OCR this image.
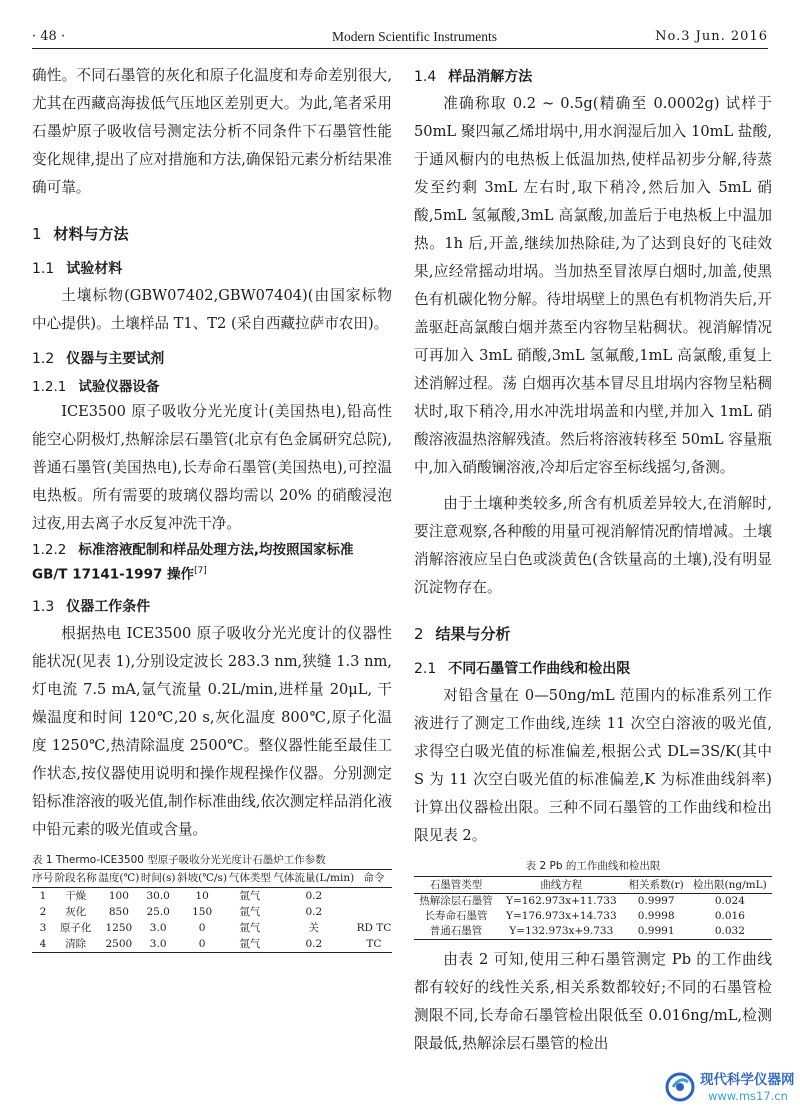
· 48 ·	Modern Scientific Instruments	No.3 Jun. 2016

确性。不同石墨管的灰化和原子化温度和寿命差别很大,尤其在西藏高海拔低气压地区差别更大。为此,笔者采用石墨炉原子吸收信号测定法分析不同条件下石墨管性能变化规律,提出了应对措施和方法,确保铅元素分析结果准确可靠。

1 材料与方法

1.1 试验材料

土壤标物(GBW07402,GBW07404)(由国家标物中心提供)。土壤样品 T1、T2 (采自西藏拉萨市农田)。

1.2 仪器与主要试剂

1.2.1 试验仪器设备

ICE3500 原子吸收分光光度计(美国热电),铅高性能空心阴极灯,热解涂层石墨管(北京有色金属研究总院),普通石墨管(美国热电),长寿命石墨管(美国热电),可控温电热板。所有需要的玻璃仪器均需以 20% 的硝酸浸泡过夜,用去离子水反复冲洗干净。

1.2.2 标准溶液配制和样品处理方法,均按照国家标准 GB/T 17141-1997 操作[7]

1.3 仪器工作条件

根据热电 ICE3500 原子吸收分光光度计的仪器性能状况(见表 1),分别设定波长 283.3 nm,狭缝 1.3 nm,灯电流 7.5 mA,氩气流量 0.2L/min,进样量 20μL, 干燥温度和时间 120℃,20 s,灰化温度 800℃,原子化温度 1250℃,热清除温度 2500℃。整仪器性能至最佳工作状态,按仪器使用说明和操作规程操作仪器。分别测定铅标准溶液的吸光值,制作标准曲线,依次测定样品消化液中铅元素的吸光值或含量。

表 1 Thermo-ICE3500 型原子吸收分光光度计石墨炉工作参数

序号	阶段名称	温度(℃)	时间(s)	斜坡(℃/s)	气体类型	气体流量(L/min)	命令
1	干燥	100	30.0	10	氩气	0.2	
2	灰化	850	25.0	150	氩气	0.2	
3	原子化	1250	3.0	0	氩气	关	RD TC
4	清除	2500	3.0	0	氩气	0.2	TC

1.4 样品消解方法

准确称取 0.2 ~ 0.5g(精确至 0.0002g) 试样于 50mL 聚四氟乙烯坩埚中,用水润湿后加入 10mL 盐酸,于通风橱内的电热板上低温加热,使样品初步分解,待蒸发至约剩 3mL 左右时,取下稍冷,然后加入 5mL 硝酸,5mL 氢氟酸,3mL 高氯酸,加盖后于电热板上中温加热。1h 后,开盖,继续加热除硅,为了达到良好的飞硅效果,应经常摇动坩埚。当加热至冒浓厚白烟时,加盖,使黑色有机碳化物分解。待坩埚壁上的黑色有机物消失后,开盖驱赶高氯酸白烟并蒸至内容物呈粘稠状。视消解情况可再加入 3mL 硝酸,3mL 氢氟酸,1mL 高氯酸,重复上述消解过程。荡 白烟再次基本冒尽且坩埚内容物呈粘稠状时,取下稍冷,用水冲洗坩埚盖和内壁,并加入 1mL 硝酸溶液温热溶解残渣。然后将溶液转移至 50mL 容量瓶中,加入硝酸镧溶液,冷却后定容至标线摇匀,备测。

由于土壤种类较多,所含有机质差异较大,在消解时,要注意观察,各种酸的用量可视消解情况酌情增减。土壤消解溶液应呈白色或淡黄色(含铁量高的土壤),没有明显沉淀物存在。

2 结果与分析

2.1 不同石墨管工作曲线和检出限

对铅含量在 0—50ng/mL 范围内的标准系列工作液进行了测定工作曲线,连续 11 次空白溶液的吸光值,求得空白吸光值的标准偏差,根据公式 DL=3S/K(其中 S 为 11 次空白吸光值的标准偏差,K 为标准曲线斜率)计算出仪器检出限。三种不同石墨管的工作曲线和检出限见表 2。

表 2 Pb 的工作曲线和检出限

石墨管类型	曲线方程	相关系数(r)	检出限(ng/mL)
热解涂层石墨管	Y=162.973x+11.733	0.9997	0.024
长寿命石墨管	Y=176.973x+14.733	0.9998	0.016
普通石墨管	Y=132.973x+9.733	0.9991	0.032

由表 2 可知,使用三种石墨管测定 Pb 的工作曲线都有较好的线性关系,相关系数都较好;不同的石墨管检测限不同,长寿命石墨管检出限低至 0.016ng/mL,检测限最低,热解涂层石墨管的检出

现代科学仪器网
www.ms17.cn
